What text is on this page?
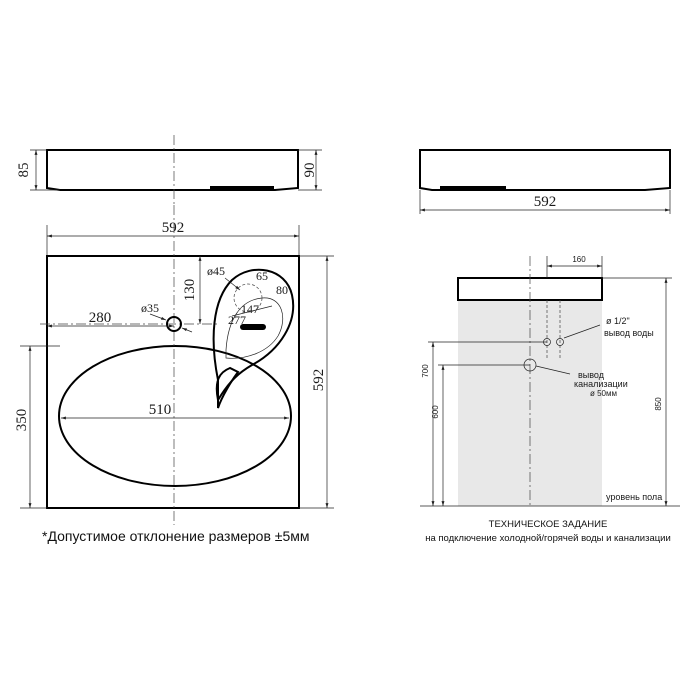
85	90
592
ø35
280
130
ø45	65
80
147
277
510
350
592
*Допустимое отклонение размеров ±5мм
592
160
ø 1/2"
вывод воды
вывод
канализации
ø 50мм
700
600
850
уровень пола
ТЕХНИЧЕСКОЕ ЗАДАНИЕ
на подключение холодной/горячей воды и канализации
